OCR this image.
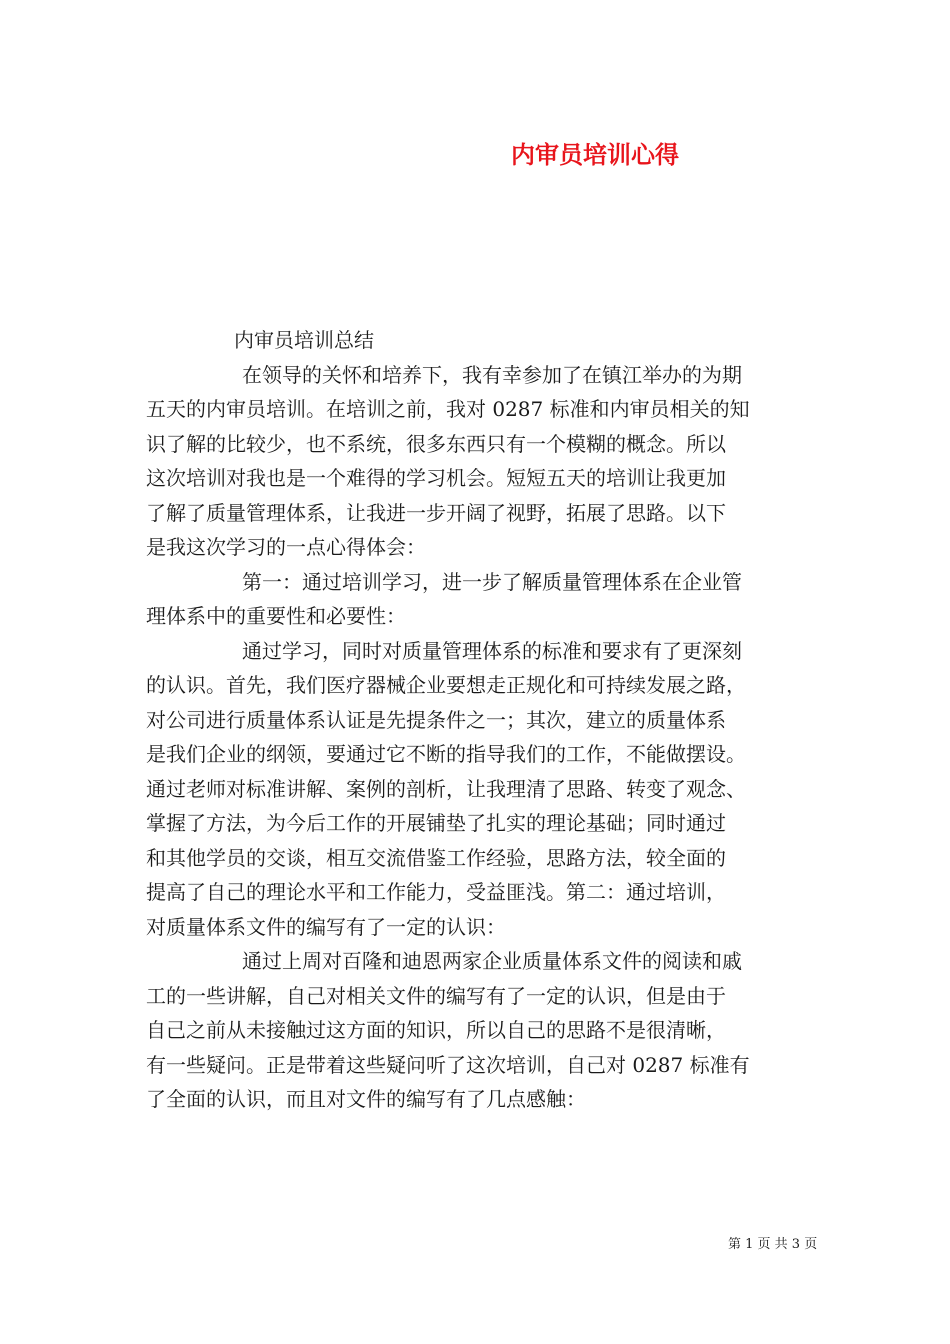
内审员培训心得
内审员培训总结
在领导的关怀和培养下，我有幸参加了在镇江举办的为期
五天的内审员培训。在培训之前，我对 0287 标准和内审员相关的知
识了解的比较少，也不系统，很多东西只有一个模糊的概念。所以
这次培训对我也是一个难得的学习机会。短短五天的培训让我更加
了解了质量管理体系，让我进一步开阔了视野，拓展了思路。以下
是我这次学习的一点心得体会：
第一：通过培训学习，进一步了解质量管理体系在企业管
理体系中的重要性和必要性：
通过学习，同时对质量管理体系的标准和要求有了更深刻
的认识。首先，我们医疗器械企业要想走正规化和可持续发展之路，
对公司进行质量体系认证是先提条件之一；其次，建立的质量体系
是我们企业的纲领，要通过它不断的指导我们的工作，不能做摆设。
通过老师对标准讲解、案例的剖析，让我理清了思路、转变了观念、
掌握了方法，为今后工作的开展铺垫了扎实的理论基础；同时通过
和其他学员的交谈，相互交流借鉴工作经验，思路方法，较全面的
提高了自己的理论水平和工作能力，受益匪浅。第二：通过培训，
对质量体系文件的编写有了一定的认识：
通过上周对百隆和迪恩两家企业质量体系文件的阅读和戚
工的一些讲解，自己对相关文件的编写有了一定的认识，但是由于
自己之前从未接触过这方面的知识，所以自己的思路不是很清晰，
有一些疑问。正是带着这些疑问听了这次培训，自己对 0287 标准有
了全面的认识，而且对文件的编写有了几点感触：
第 1 页 共 3 页
